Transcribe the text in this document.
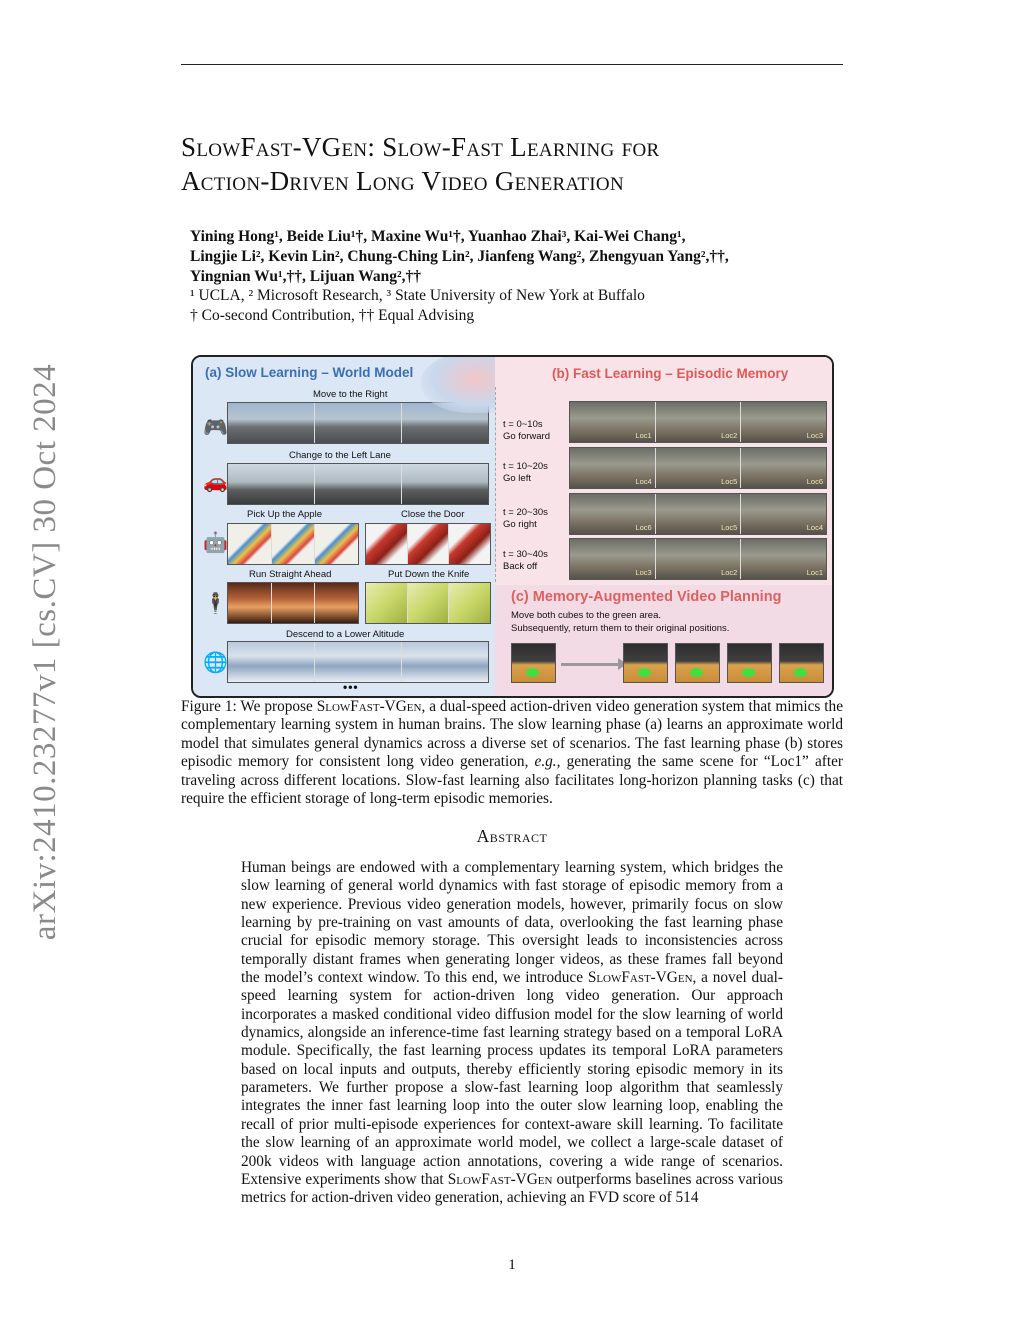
arXiv:2410.23277v1 [cs.CV] 30 Oct 2024
SlowFast-VGen: Slow-Fast Learning for
Action-Driven Long Video Generation
Yining Hong¹, Beide Liu¹†, Maxine Wu¹†, Yuanhao Zhai³, Kai-Wei Chang¹,
Lingjie Li², Kevin Lin², Chung-Ching Lin², Jianfeng Wang², Zhengyuan Yang²,††,
Yingnian Wu¹,††, Lijuan Wang²,††
¹ UCLA, ² Microsoft Research, ³ State University of New York at Buffalo
† Co-second Contribution, †† Equal Advising
(a) Slow Learning – World Model
Move to the Right
🎮
Change to the Left Lane
🚗
Pick Up the Apple	Close the Door
🤖
Run Straight Ahead	Put Down the Knife
🕴
Descend to a Lower Altitude
🌐
•••
(b) Fast Learning – Episodic Memory
t = 0~10s
Go forward	Loc1	Loc2	Loc3
t = 10~20s
Go left	Loc4	Loc5	Loc6
t = 20~30s
Go right	Loc6	Loc5	Loc4
t = 30~40s
Back off
Loc3	Loc2	Loc1
(c) Memory-Augmented Video Planning
Move both cubes to the green area.
Subsequently, return them to their original positions.
Figure 1: We propose SlowFast-VGen, a dual-speed action-driven video generation system that mimics the complementary learning system in human brains. The slow learning phase (a) learns an approximate world model that simulates general dynamics across a diverse set of scenarios. The fast learning phase (b) stores episodic memory for consistent long video generation, e.g., generating the same scene for “Loc1” after traveling across different locations. Slow-fast learning also facilitates long-horizon planning tasks (c) that require the efficient storage of long-term episodic memories.
Abstract
Human beings are endowed with a complementary learning system, which bridges the slow learning of general world dynamics with fast storage of episodic memory from a new experience. Previous video generation models, however, primarily focus on slow learning by pre-training on vast amounts of data, overlooking the fast learning phase crucial for episodic memory storage. This oversight leads to inconsistencies across temporally distant frames when generating longer videos, as these frames fall beyond the model’s context window. To this end, we introduce SlowFast-VGen, a novel dual-speed learning system for action-driven long video generation. Our approach incorporates a masked conditional video diffusion model for the slow learning of world dynamics, alongside an inference-time fast learning strategy based on a temporal LoRA module. Specifically, the fast learning process updates its temporal LoRA parameters based on local inputs and outputs, thereby efficiently storing episodic memory in its parameters. We further propose a slow-fast learning loop algorithm that seamlessly integrates the inner fast learning loop into the outer slow learning loop, enabling the recall of prior multi-episode experiences for context-aware skill learning. To facilitate the slow learning of an approximate world model, we collect a large-scale dataset of 200k videos with language action annotations, covering a wide range of scenarios. Extensive experiments show that SlowFast-VGen outperforms baselines across various metrics for action-driven video generation, achieving an FVD score of 514
1
